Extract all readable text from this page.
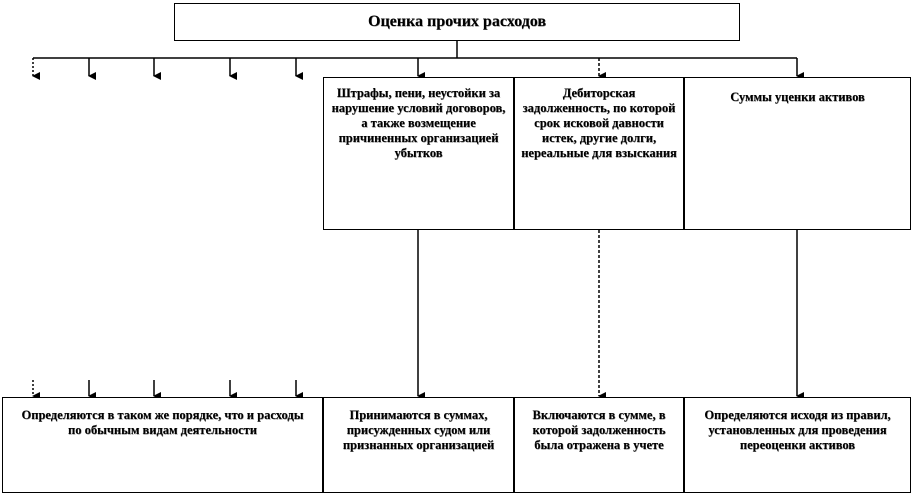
Оценка прочих расходов
Штрафы, пени, неустойки за нарушение условий договоров, а также возмещение причиненных организацией убытков
Дебиторская задолженность, по которой срок исковой давности истек, другие долги, нереальные для взыскания
Суммы уценки активов
Определяются в таком же порядке, что и расходы по обычным видам деятельности
Принимаются в суммах, присужденных судом или признанных организацией
Включаются в сумме, в которой задолженность была отражена в учете
Определяются исходя из правил, установленных для проведения переоценки активов
